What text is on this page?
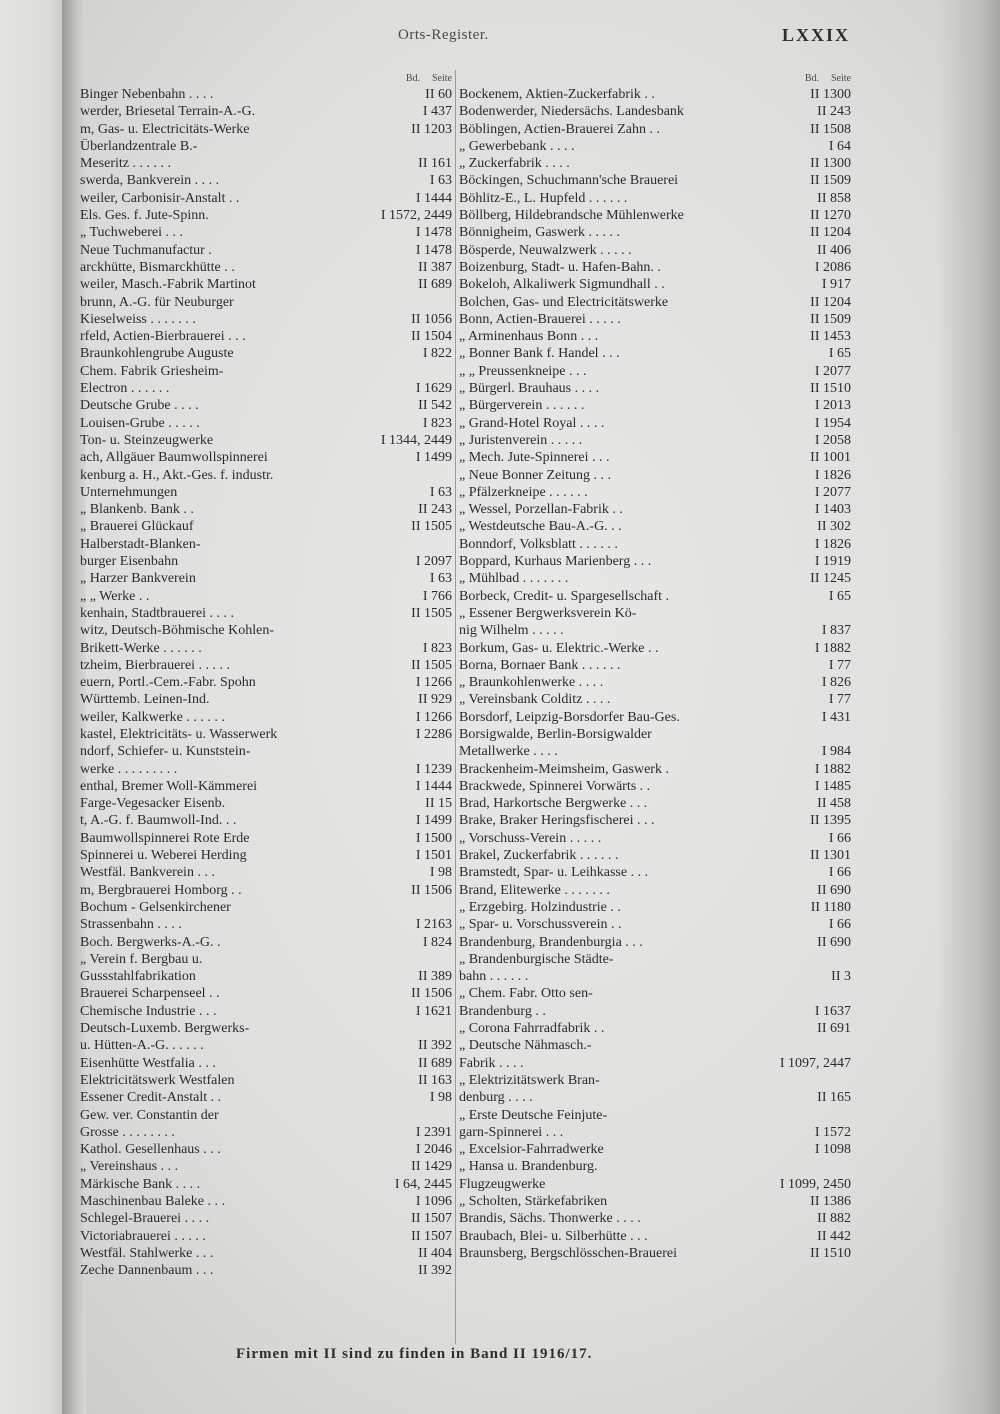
Orts-Register.	LXXIX
Bd. Seite
Binger Nebenbahn . . . .	II 60
werder, Briesetal Terrain-A.-G.	I 437
m, Gas- u. Electricitäts-Werke	II 1203
Überlandzentrale B.-
Meseritz . . . . . .	II 161
swerda, Bankverein . . . .	I 63
weiler, Carbonisir-Anstalt . .	I 1444
Els. Ges. f. Jute-Spinn.	I 1572, 2449
„ Tuchweberei . . .	I 1478
Neue Tuchmanufactur .	I 1478
arckhütte, Bismarckhütte . .	II 387
weiler, Masch.-Fabrik Martinot	II 689
brunn, A.-G. für Neuburger
Kieselweiss . . . . . . .	II 1056
rfeld, Actien-Bierbrauerei . . .	II 1504
Braunkohlengrube Auguste	I 822
Chem. Fabrik Griesheim-
Electron . . . . . .	I 1629
Deutsche Grube . . . .	II 542
Louisen-Grube . . . . .	I 823
Ton- u. Steinzeugwerke	I 1344, 2449
ach, Allgäuer Baumwollspinnerei	I 1499
kenburg a. H., Akt.-Ges. f. industr.
Unternehmungen	I 63
„ Blankenb. Bank . .	II 243
„ Brauerei Glückauf	II 1505
Halberstadt-Blanken-
burger Eisenbahn	I 2097
„ Harzer Bankverein	I 63
„ „ Werke . .	I 766
kenhain, Stadtbrauerei . . . .	II 1505
witz, Deutsch-Böhmische Kohlen-
Brikett-Werke . . . . . .	I 823
tzheim, Bierbrauerei . . . . .	II 1505
euern, Portl.-Cem.-Fabr. Spohn	I 1266
Württemb. Leinen-Ind.	II 929
weiler, Kalkwerke . . . . . .	I 1266
kastel, Elektricitäts- u. Wasserwerk	I 2286
ndorf, Schiefer- u. Kunststein-
werke . . . . . . . . .	I 1239
enthal, Bremer Woll-Kämmerei	I 1444
Farge-Vegesacker Eisenb.	II 15
t, A.-G. f. Baumwoll-Ind. . .	I 1499
Baumwollspinnerei Rote Erde	I 1500
Spinnerei u. Weberei Herding	I 1501
Westfäl. Bankverein . . .	I 98
m, Bergbrauerei Homborg . .	II 1506
Bochum - Gelsenkirchener
Strassenbahn . . . .	I 2163
Boch. Bergwerks-A.-G. .	I 824
„ Verein f. Bergbau u.
Gussstahlfabrikation	II 389
Brauerei Scharpenseel . .	II 1506
Chemische Industrie . . .	I 1621
Deutsch-Luxemb. Bergwerks-
u. Hütten-A.-G. . . . . .	II 392
Eisenhütte Westfalia . . .	II 689
Elektricitätswerk Westfalen	II 163
Essener Credit-Anstalt . .	I 98
Gew. ver. Constantin der
Grosse . . . . . . . .	I 2391
Kathol. Gesellenhaus . . .	I 2046
„ Vereinshaus . . .	II 1429
Märkische Bank . . . .	I 64, 2445
Maschinenbau Baleke . . .	I 1096
Schlegel-Brauerei . . . .	II 1507
Victoriabrauerei . . . . .	II 1507
Westfäl. Stahlwerke . . .	II 404
Zeche Dannenbaum . . .	II 392
Bd. Seite
Bockenem, Aktien-Zuckerfabrik . .	II 1300
Bodenwerder, Niedersächs. Landesbank	II 243
Böblingen, Actien-Brauerei Zahn . .	II 1508
„ Gewerbebank . . . .	I 64
„ Zuckerfabrik . . . .	II 1300
Böckingen, Schuchmann'sche Brauerei	II 1509
Böhlitz-E., L. Hupfeld . . . . . .	II 858
Böllberg, Hildebrandsche Mühlenwerke	II 1270
Bönnigheim, Gaswerk . . . . .	II 1204
Bösperde, Neuwalzwerk . . . . .	II 406
Boizenburg, Stadt- u. Hafen-Bahn. .	I 2086
Bokeloh, Alkaliwerk Sigmundhall . .	I 917
Bolchen, Gas- und Electricitätswerke	II 1204
Bonn, Actien-Brauerei . . . . .	II 1509
„ Arminenhaus Bonn . . .	II 1453
„ Bonner Bank f. Handel . . .	I 65
„ „ Preussenkneipe . . .	I 2077
„ Bürgerl. Brauhaus . . . .	II 1510
„ Bürgerverein . . . . . .	I 2013
„ Grand-Hotel Royal . . . .	I 1954
„ Juristenverein . . . . .	I 2058
„ Mech. Jute-Spinnerei . . .	II 1001
„ Neue Bonner Zeitung . . .	I 1826
„ Pfälzerkneipe . . . . . .	I 2077
„ Wessel, Porzellan-Fabrik . .	I 1403
„ Westdeutsche Bau-A.-G. . .	II 302
Bonndorf, Volksblatt . . . . . .	I 1826
Boppard, Kurhaus Marienberg . . .	I 1919
„ Mühlbad . . . . . . .	II 1245
Borbeck, Credit- u. Spargesellschaft .	I 65
„ Essener Bergwerksverein Kö-
nig Wilhelm . . . . .	I 837
Borkum, Gas- u. Elektric.-Werke . .	I 1882
Borna, Bornaer Bank . . . . . .	I 77
„ Braunkohlenwerke . . . .	I 826
„ Vereinsbank Colditz . . . .	I 77
Borsdorf, Leipzig-Borsdorfer Bau-Ges.	I 431
Borsigwalde, Berlin-Borsigwalder
Metallwerke . . . .	I 984
Brackenheim-Meimsheim, Gaswerk .	I 1882
Brackwede, Spinnerei Vorwärts . .	I 1485
Brad, Harkortsche Bergwerke . . .	II 458
Brake, Braker Heringsfischerei . . .	II 1395
„ Vorschuss-Verein . . . . .	I 66
Brakel, Zuckerfabrik . . . . . .	II 1301
Bramstedt, Spar- u. Leihkasse . . .	I 66
Brand, Elitewerke . . . . . . .	II 690
„ Erzgebirg. Holzindustrie . .	II 1180
„ Spar- u. Vorschussverein . .	I 66
Brandenburg, Brandenburgia . . .	II 690
„ Brandenburgische Städte-
bahn . . . . . .	II 3
„ Chem. Fabr. Otto sen-
Brandenburg . .	I 1637
„ Corona Fahrradfabrik . .	II 691
„ Deutsche Nähmasch.-
Fabrik . . . .	I 1097, 2447
„ Elektrizitätswerk Bran-
denburg . . . .	II 165
„ Erste Deutsche Feinjute-
garn-Spinnerei . . .	I 1572
„ Excelsior-Fahrradwerke	I 1098
„ Hansa u. Brandenburg.
Flugzeugwerke	I 1099, 2450
„ Scholten, Stärkefabriken	II 1386
Brandis, Sächs. Thonwerke . . . .	II 882
Braubach, Blei- u. Silberhütte . . .	II 442
Braunsberg, Bergschlösschen-Brauerei	II 1510
Firmen mit II sind zu finden in Band II 1916/17.
